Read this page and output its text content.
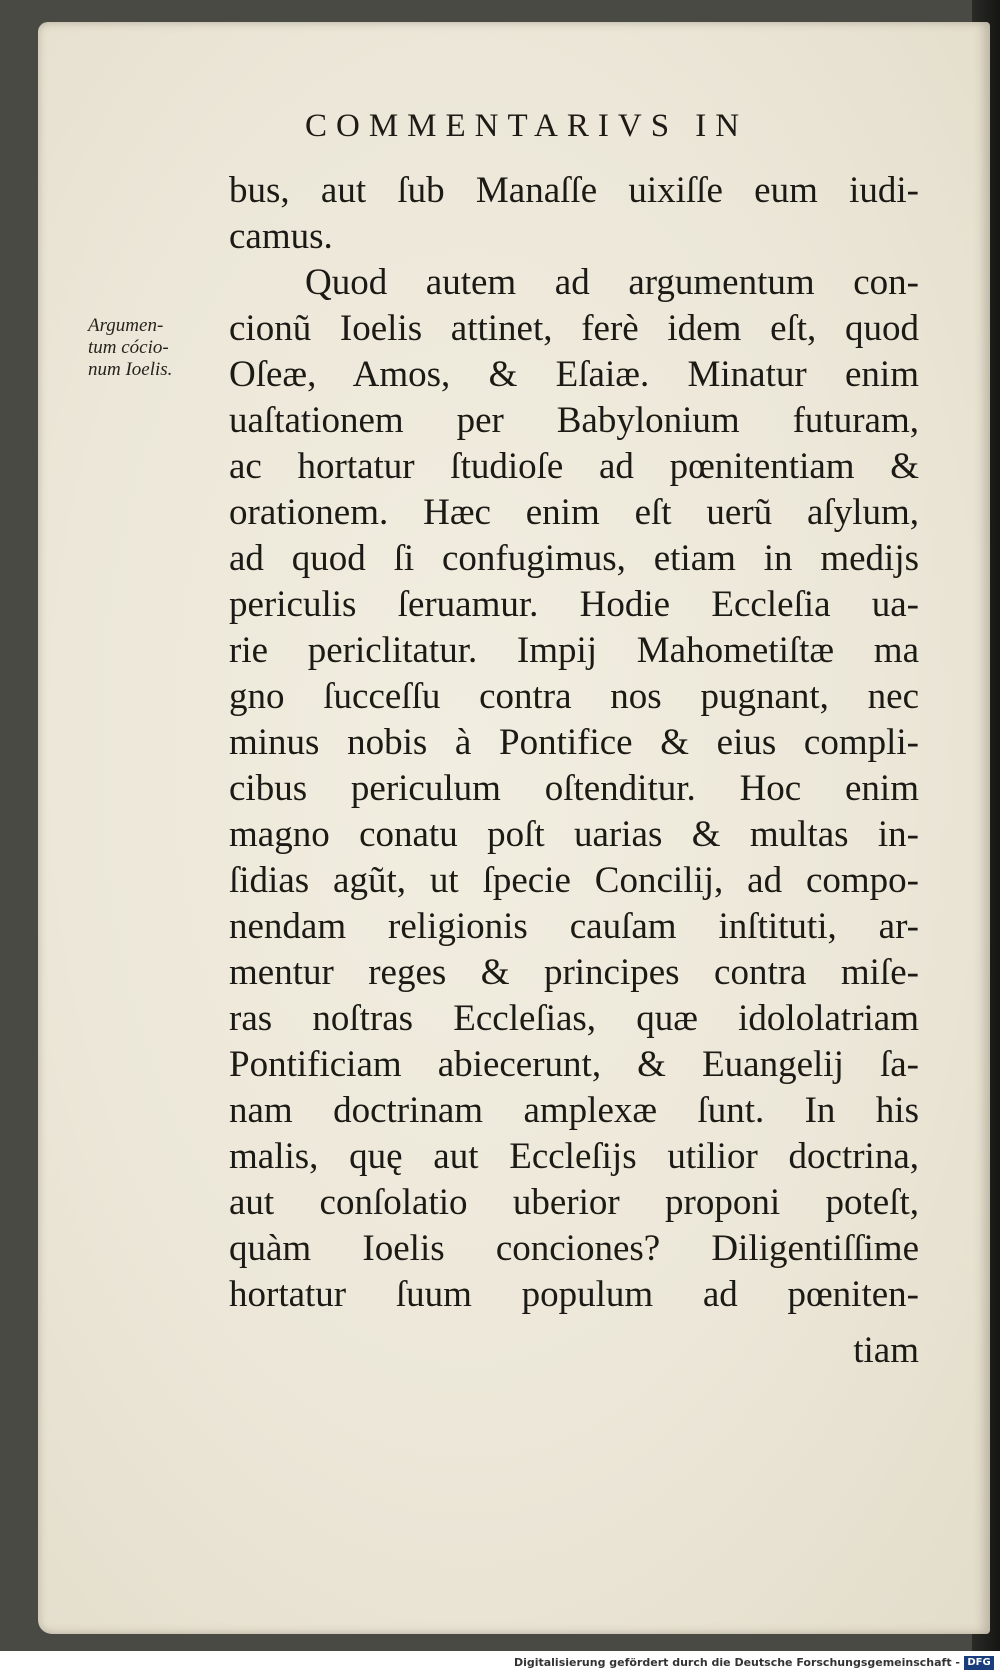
COMMENTARIVS IN
Argumen-
tum cócio-
num Ioelis.
bus, aut ſub Manaſſe uixiſſe eum iudi-
camus.
Quod autem ad argumentum con-
cionũ Ioelis attinet, ferè idem eſt, quod
Oſeæ, Amos, & Eſaiæ. Minatur enim
uaſtationem per Babylonium futuram,
ac hortatur ſtudioſe ad pœnitentiam &
orationem. Hæc enim eſt uerũ aſylum,
ad quod ſi confugimus, etiam in medijs
periculis ſeruamur. Hodie Eccleſia ua-
rie periclitatur. Impij Mahometiſtæ ma
gno ſucceſſu contra nos pugnant, nec
minus nobis à Pontifice & eius compli-
cibus periculum oſtenditur. Hoc enim
magno conatu poſt uarias & multas in-
ſidias agũt, ut ſpecie Concilij, ad compo-
nendam religionis cauſam inſtituti, ar-
mentur reges & principes contra miſe-
ras noſtras Eccleſias, quæ idololatriam
Pontificiam abiecerunt, & Euangelij ſa-
nam doctrinam amplexæ ſunt. In his
malis, quę aut Eccleſijs utilior doctrina,
aut conſolatio uberior proponi poteſt,
quàm Ioelis conciones? Diligentiſſime
hortatur ſuum populum ad pœniten-
tiam
Digitalisierung gefördert durch die Deutsche Forschungsgemeinschaft - DFG
